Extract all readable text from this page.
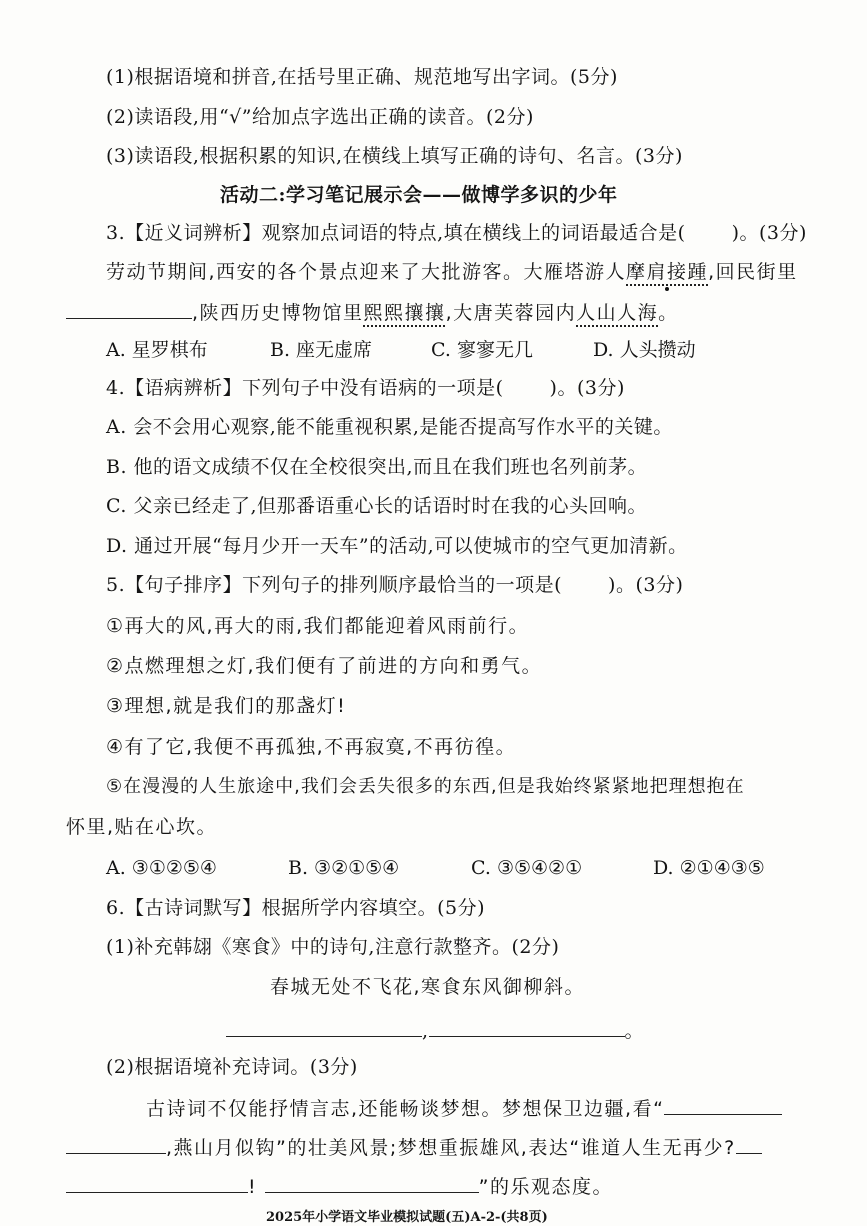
(1)根据语境和拼音,在括号里正确、规范地写出字词。(5分)
(2)读语段,用“√”给加点字选出正确的读音。(2分)
(3)读语段,根据积累的知识,在横线上填写正确的诗句、名言。(3分)
活动二:学习笔记展示会——做博学多识的少年
3.【近义词辨析】观察加点词语的特点,填在横线上的词语最适合是( )。(3分)
劳动节期间,西安的各个景点迎来了大批游客。大雁塔游人摩肩接踵,回民街里
,陕西历史博物馆里熙熙攘攘,大唐芙蓉园内人山人海。
A. 星罗棋布	B. 座无虚席	C. 寥寥无几	D. 人头攒动
4.【语病辨析】下列句子中没有语病的一项是( )。(3分)
A. 会不会用心观察,能不能重视积累,是能否提高写作水平的关键。
B. 他的语文成绩不仅在全校很突出,而且在我们班也名列前茅。
C. 父亲已经走了,但那番语重心长的话语时时在我的心头回响。
D. 通过开展“每月少开一天车”的活动,可以使城市的空气更加清新。
5.【句子排序】下列句子的排列顺序最恰当的一项是( )。(3分)
①再大的风,再大的雨,我们都能迎着风雨前行。
②点燃理想之灯,我们便有了前进的方向和勇气。
③理想,就是我们的那盏灯!
④有了它,我便不再孤独,不再寂寞,不再彷徨。
⑤在漫漫的人生旅途中,我们会丢失很多的东西,但是我始终紧紧地把理想抱在
怀里,贴在心坎。
A. ③①②⑤④	B. ③②①⑤④	C. ③⑤④②①	D. ②①④③⑤
6.【古诗词默写】根据所学内容填空。(5分)
(1)补充韩翃《寒食》中的诗句,注意行款整齐。(2分)
春城无处不飞花,寒食东风御柳斜。
,	。
(2)根据语境补充诗词。(3分)
古诗词不仅能抒情言志,还能畅谈梦想。梦想保卫边疆,看“
,燕山月似钩”的壮美风景;梦想重振雄风,表达“谁道人生无再少?
!	”的乐观态度。
2025年小学语文毕业模拟试题(五)A-2-(共8页)
